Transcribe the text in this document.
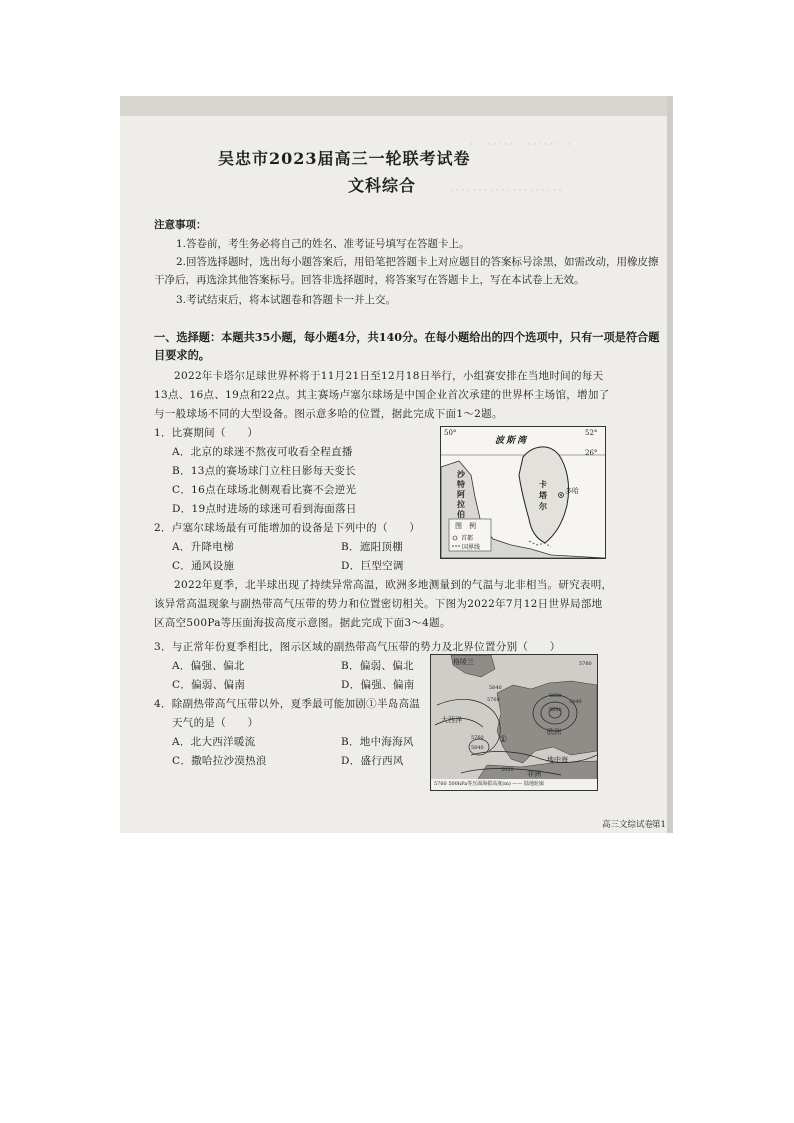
· · · · · · · · · · · · · · · · · ·
· · · · · · · · · · · · · · · · · · · ·
吴忠市2023届高三一轮联考试卷
文科综合
注意事项：
1.答卷前，考生务必将自己的姓名、准考证号填写在答题卡上。
2.回答选择题时，选出每小题答案后，用铅笔把答题卡上对应题目的答案标号涂黑，如需改动，用橡皮擦
干净后，再选涂其他答案标号。回答非选择题时，将答案写在答题卡上，写在本试卷上无效。
3.考试结束后，将本试题卷和答题卡一并上交。
一、选择题：本题共35小题，每小题4分，共140分。在每小题给出的四个选项中，只有一项是符合题
目要求的。
2022年卡塔尔足球世界杯将于11月21日至12月18日举行，小组赛安排在当地时间的每天
13点、16点、19点和22点。其主赛场卢塞尔球场是中国企业首次承建的世界杯主场馆，增加了
与一般球场不同的大型设备。图示意多哈的位置，据此完成下面1～2题。
1．比赛期间（　　）
A．北京的球迷不熬夜可收看全程直播
B．13点的赛场球门立柱日影每天变长
C．16点在球场北侧观看比赛不会逆光
D．19点时进场的球迷可看到海面落日
2．卢塞尔球场最有可能增加的设备是下列中的（　　）
A．升降电梯	B．遮阳顶棚
C．通风设施	D．巨型空调
50°	52°
26°
波斯湾
沙特阿拉伯
卡塔尔
多哈
图　例
首都
国界线
2022年夏季，北半球出现了持续异常高温，欧洲多地测量到的气温与北非相当。研究表明，
该异常高温现象与副热带高气压带的势力和位置密切相关。下图为2022年7月12日世界局部地
区高空500Pa等压面海拔高度示意图。据此完成下面3～4题。
3．与正常年份夏季相比，图示区域的副热带高气压带的势力及北界位置分别（　　）
A．偏强、偏北	B．偏弱、偏北
C．偏弱、偏南	D．偏强、偏南
4．除副热带高气压带以外，夏季最可能加剧①半岛高温
天气的是（　　）
A．北大西洋暖流	B．地中海海风
C．撒哈拉沙漠热浪	D．盛行西风
格陵兰
大西洋
欧洲
地中海
非洲
①
5840
5760
5680
5600
5760
5840
5920
5760
5840
5760 500hPa等压面海拔高度(m) —— 陆地轮廓
高三文综试卷
第1
